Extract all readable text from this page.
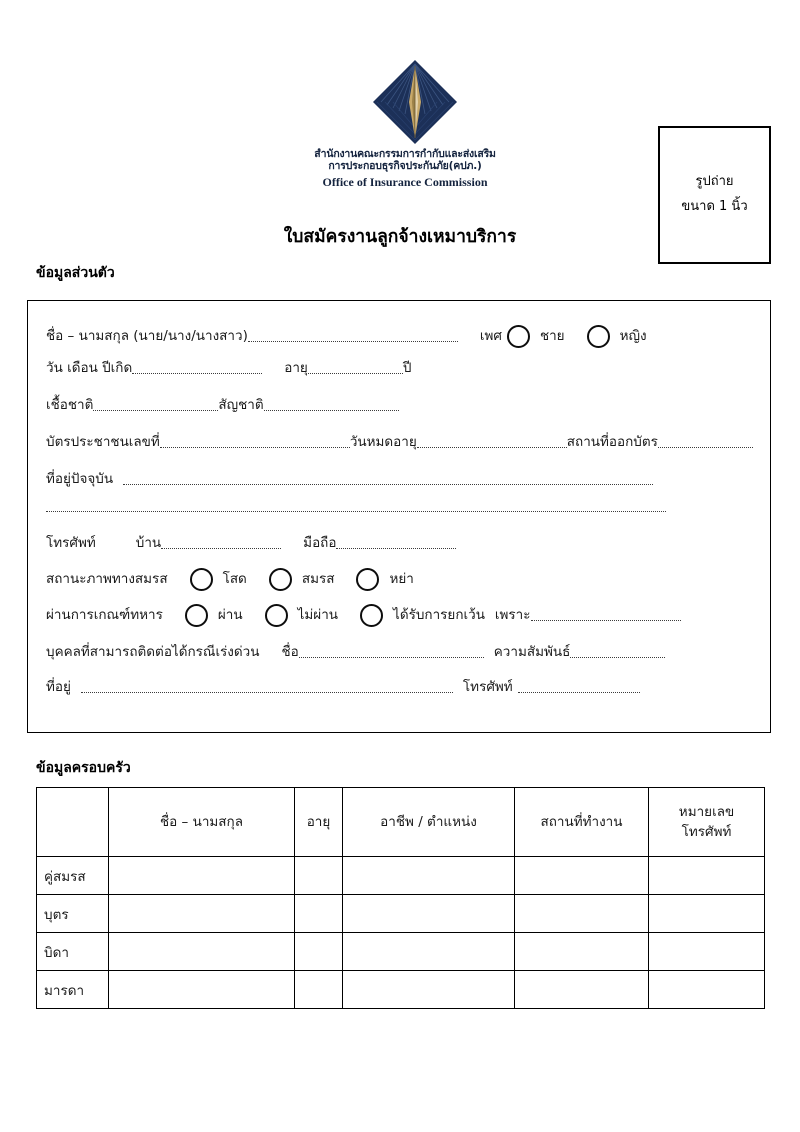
สำนักงานคณะกรรมการกำกับและส่งเสริม
การประกอบธุรกิจประกันภัย(คปภ.)
Office of Insurance Commission
ใบสมัครงานลูกจ้างเหมาบริการ
รูปถ่าย
ขนาด 1 นิ้ว
ข้อมูลส่วนตัว
ชื่อ – นามสกุล (นาย/นาง/นางสาว)	เพศ	ชาย	หญิง
วัน เดือน ปีเกิด	อายุ	ปี
เชื้อชาติ	สัญชาติ
บัตรประชาชนเลขที่	วันหมดอายุ	สถานที่ออกบัตร
ที่อยู่ปัจจุบัน
โทรศัพท์	บ้าน	มือถือ
สถานะภาพทางสมรส	โสด	สมรส	หย่า
ผ่านการเกณฑ์ทหาร	ผ่าน	ไม่ผ่าน	ได้รับการยกเว้น เพราะ
บุคคลที่สามารถติดต่อได้กรณีเร่งด่วน ชื่อ	ความสัมพันธ์
ที่อยู่	โทรศัพท์
ข้อมูลครอบครัว
	ชื่อ – นามสกุล	อายุ	อาชีพ / ตำแหน่ง	สถานที่ทำงาน	หมายเลข
โทรศัพท์

คู่สมรส					
บุตร					
บิดา					
มารดา					
